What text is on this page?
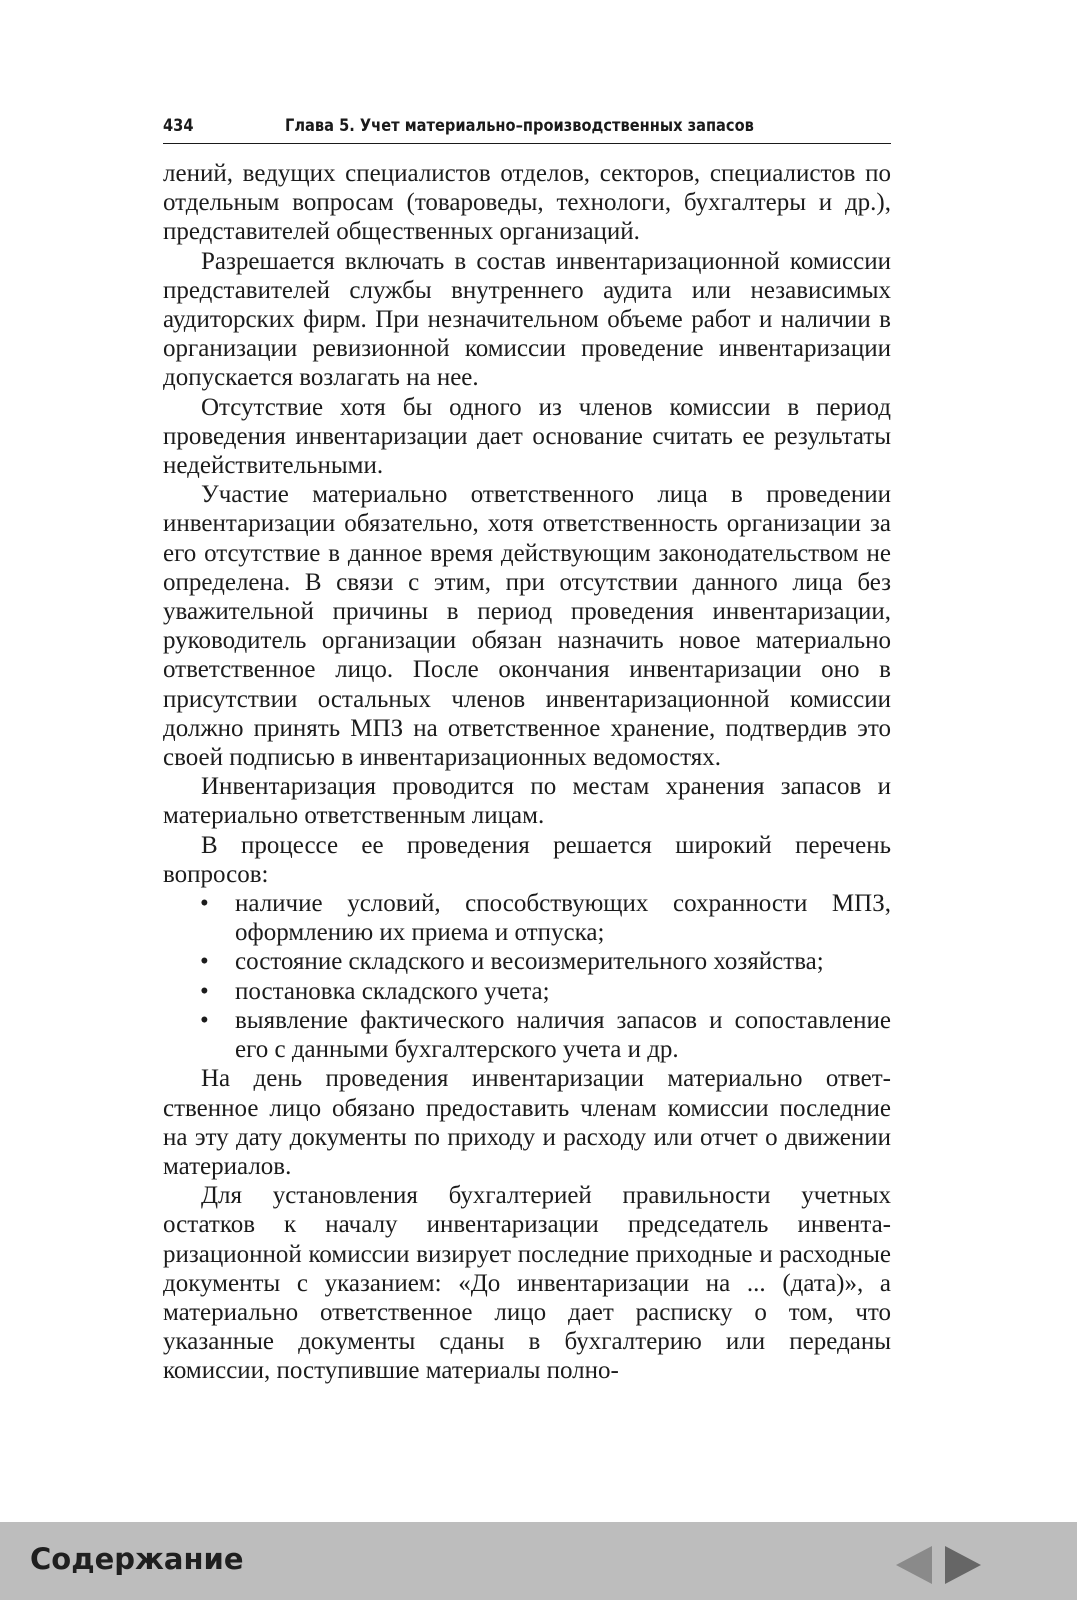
434	Глава 5. Учет материально–производственных запасов

лений, ведущих специалистов отделов, секторов, специалистов по отдельным вопросам (товароведы, технологи, бухгалтеры и др.), представителей общественных организаций.

Разрешается включать в состав инвентаризационной комиссии представителей службы внутреннего аудита или независимых аудиторских фирм. При незначительном объеме работ и наличии в организации ревизионной комиссии проведение инвентаризации допускается возлагать на нее.

Отсутствие хотя бы одного из членов комиссии в период проведения инвентаризации дает основание считать ее результаты недействительными.

Участие материально ответственного лица в проведении инвентаризации обязательно, хотя ответственность организации за его отсутствие в данное время действующим законодательством не определена. В связи с этим, при отсутствии данного лица без уважительной причины в период проведения инвентаризации, руководитель организации обязан назначить новое материально ответственное лицо. После окончания инвентаризации оно в присутствии остальных членов инвентаризационной комиссии должно принять МПЗ на ответственное хранение, подтвердив это своей подписью в инвентаризационных ведомостях.

Инвентаризация проводится по местам хранения запасов и материально ответственным лицам.

В процессе ее проведения решается широкий перечень вопросов:

• наличие условий, способствующих сохранности МПЗ, оформлению их приема и отпуска;
• состояние складского и весоизмерительного хозяйства;
• постановка складского учета;
• выявление фактического наличия запасов и сопоставление его с данными бухгалтерского учета и др.

На день проведения инвентаризации материально ответственное лицо обязано предоставить членам комиссии последние на эту дату документы по приходу и расходу или отчет о движении материалов.

Для установления бухгалтерией правильности учетных остатков к началу инвентаризации председатель инвентаризационной комиссии визирует последние приходные и расходные документы с указанием: «До инвентаризации на ... (дата)», а материально ответственное лицо дает расписку о том, что указанные документы сданы в бухгалтерию или переданы комиссии, поступившие материалы полно-

Содержание
